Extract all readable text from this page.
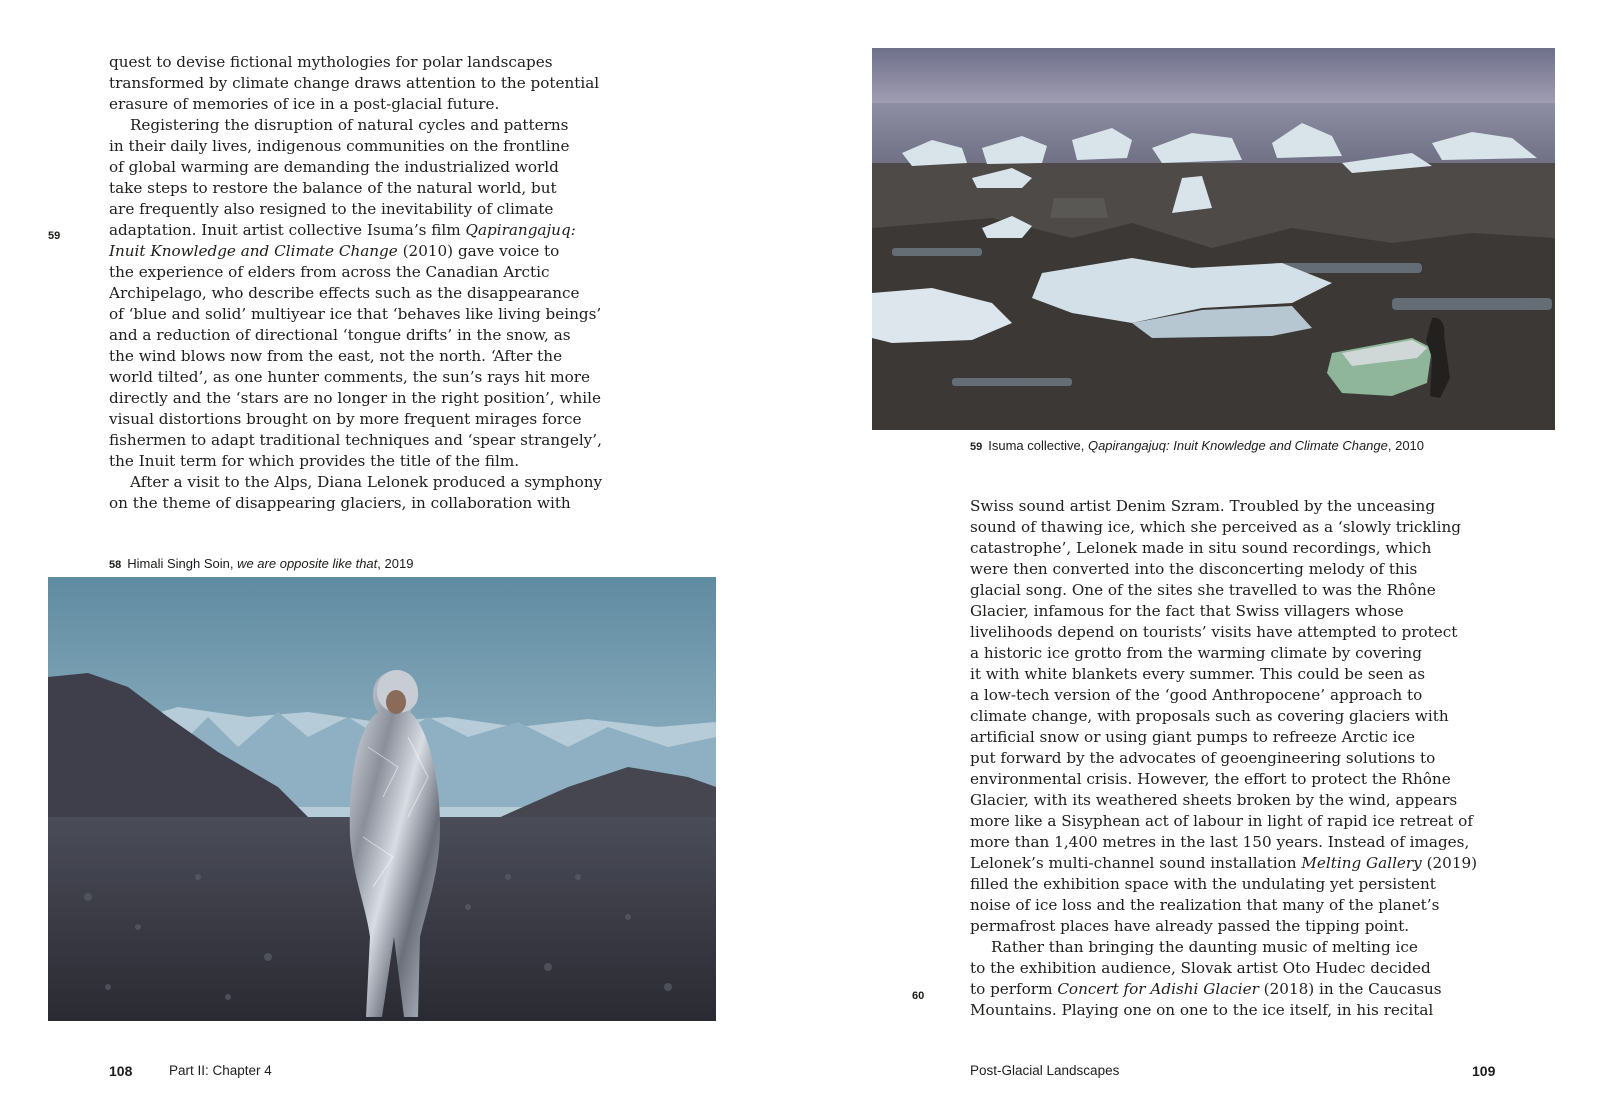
quest to devise fictional mythologies for polar landscapes
transformed by climate change draws attention to the potential
erasure of memories of ice in a post-glacial future.
Registering the disruption of natural cycles and patterns
in their daily lives, indigenous communities on the frontline
of global warming are demanding the industrialized world
take steps to restore the balance of the natural world, but
are frequently also resigned to the inevitability of climate
adaptation. Inuit artist collective Isuma’s film Qapirangajuq:
Inuit Knowledge and Climate Change (2010) gave voice to
the experience of elders from across the Canadian Arctic
Archipelago, who describe effects such as the disappearance
of ‘blue and solid’ multiyear ice that ‘behaves like living beings’
and a reduction of directional ‘tongue drifts’ in the snow, as
the wind blows now from the east, not the north. ‘After the
world tilted’, as one hunter comments, the sun’s rays hit more
directly and the ‘stars are no longer in the right position’, while
visual distortions brought on by more frequent mirages force
fishermen to adapt traditional techniques and ‘spear strangely’,
the Inuit term for which provides the title of the film.
After a visit to the Alps, Diana Lelonek produced a symphony
on the theme of disappearing glaciers, in collaboration with
59
58 Himali Singh Soin, we are opposite like that, 2019
59 Isuma collective, Qapirangajuq: Inuit Knowledge and Climate Change, 2010
Swiss sound artist Denim Szram. Troubled by the unceasing
sound of thawing ice, which she perceived as a ‘slowly trickling
catastrophe’, Lelonek made in situ sound recordings, which
were then converted into the disconcerting melody of this
glacial song. One of the sites she travelled to was the Rhône
Glacier, infamous for the fact that Swiss villagers whose
livelihoods depend on tourists’ visits have attempted to protect
a historic ice grotto from the warming climate by covering
it with white blankets every summer. This could be seen as
a low-tech version of the ‘good Anthropocene’ approach to
climate change, with proposals such as covering glaciers with
artificial snow or using giant pumps to refreeze Arctic ice
put forward by the advocates of geoengineering solutions to
environmental crisis. However, the effort to protect the Rhône
Glacier, with its weathered sheets broken by the wind, appears
more like a Sisyphean act of labour in light of rapid ice retreat of
more than 1,400 metres in the last 150 years. Instead of images,
Lelonek’s multi-channel sound installation Melting Gallery (2019)
filled the exhibition space with the undulating yet persistent
noise of ice loss and the realization that many of the planet’s
permafrost places have already passed the tipping point.
Rather than bringing the daunting music of melting ice
to the exhibition audience, Slovak artist Oto Hudec decided
to perform Concert for Adishi Glacier (2018) in the Caucasus
Mountains. Playing one on one to the ice itself, in his recital
60
108	Part II: Chapter 4	Post-Glacial Landscapes	109
